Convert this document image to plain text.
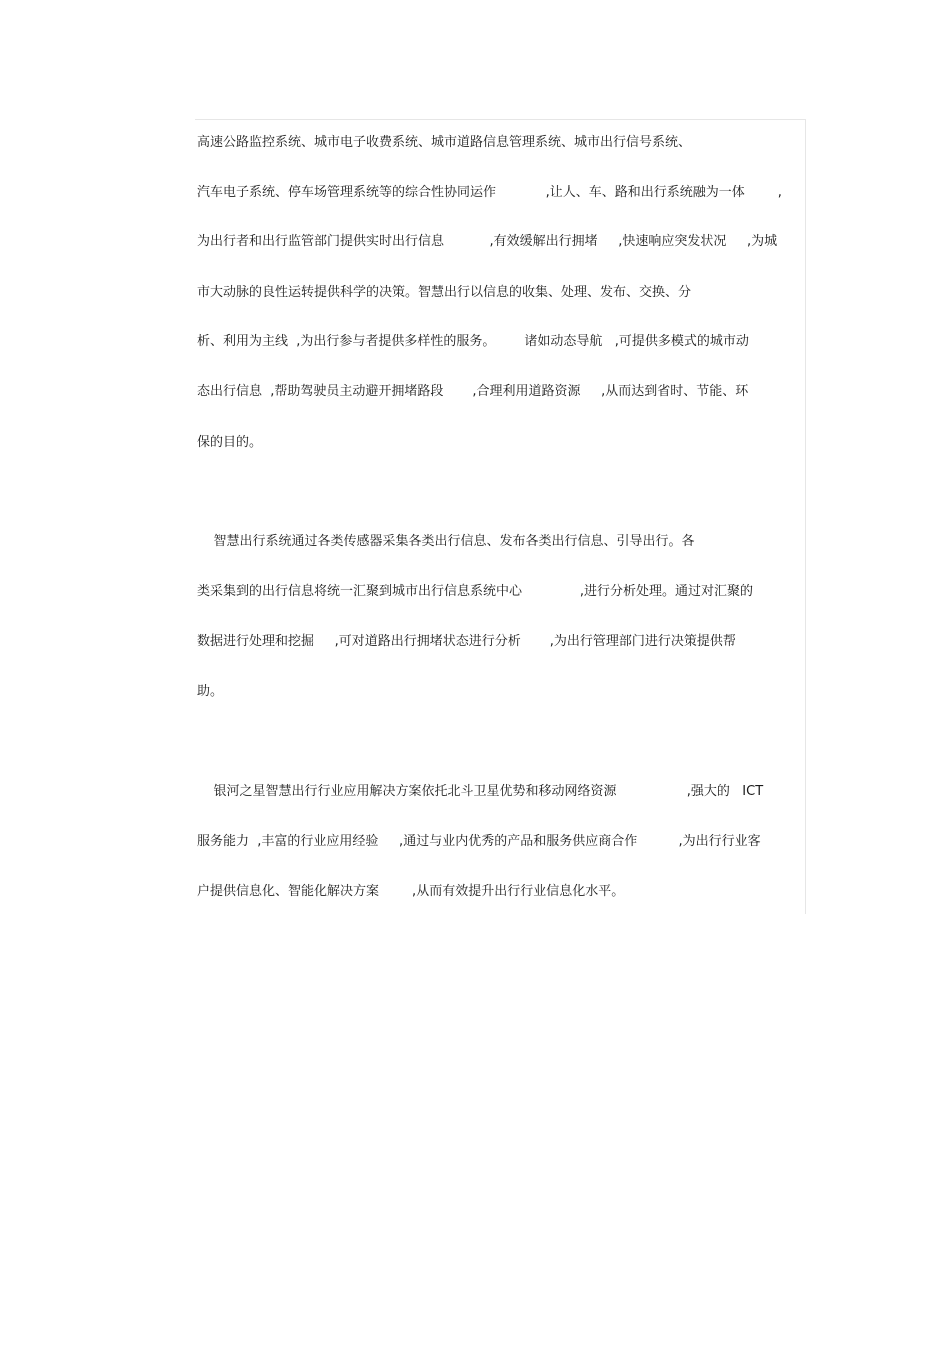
高速公路监控系统、城市电子收费系统、城市道路信息管理系统、城市出行信号系统、

汽车电子系统、停车场管理系统等的综合性协同运作            ,让人、车、路和出行系统融为一体        ,

为出行者和出行监管部门提供实时出行信息           ,有效缓解出行拥堵     ,快速响应突发状况     ,为城

市大动脉的良性运转提供科学的决策。智慧出行以信息的收集、处理、发布、交换、分

析、利用为主线  ,为出行参与者提供多样性的服务。       诸如动态导航   ,可提供多模式的城市动

态出行信息  ,帮助驾驶员主动避开拥堵路段       ,合理利用道路资源     ,从而达到省时、节能、环

保的目的。

智慧出行系统通过各类传感器采集各类出行信息、发布各类出行信息、引导出行。各

类采集到的出行信息将统一汇聚到城市出行信息系统中心              ,进行分析处理。通过对汇聚的

数据进行处理和挖掘     ,可对道路出行拥堵状态进行分析       ,为出行管理部门进行决策提供帮

助。

银河之星智慧出行行业应用解决方案依托北斗卫星优势和移动网络资源                 ,强大的   ICT

服务能力  ,丰富的行业应用经验     ,通过与业内优秀的产品和服务供应商合作          ,为出行行业客

户提供信息化、智能化解决方案        ,从而有效提升出行行业信息化水平。
